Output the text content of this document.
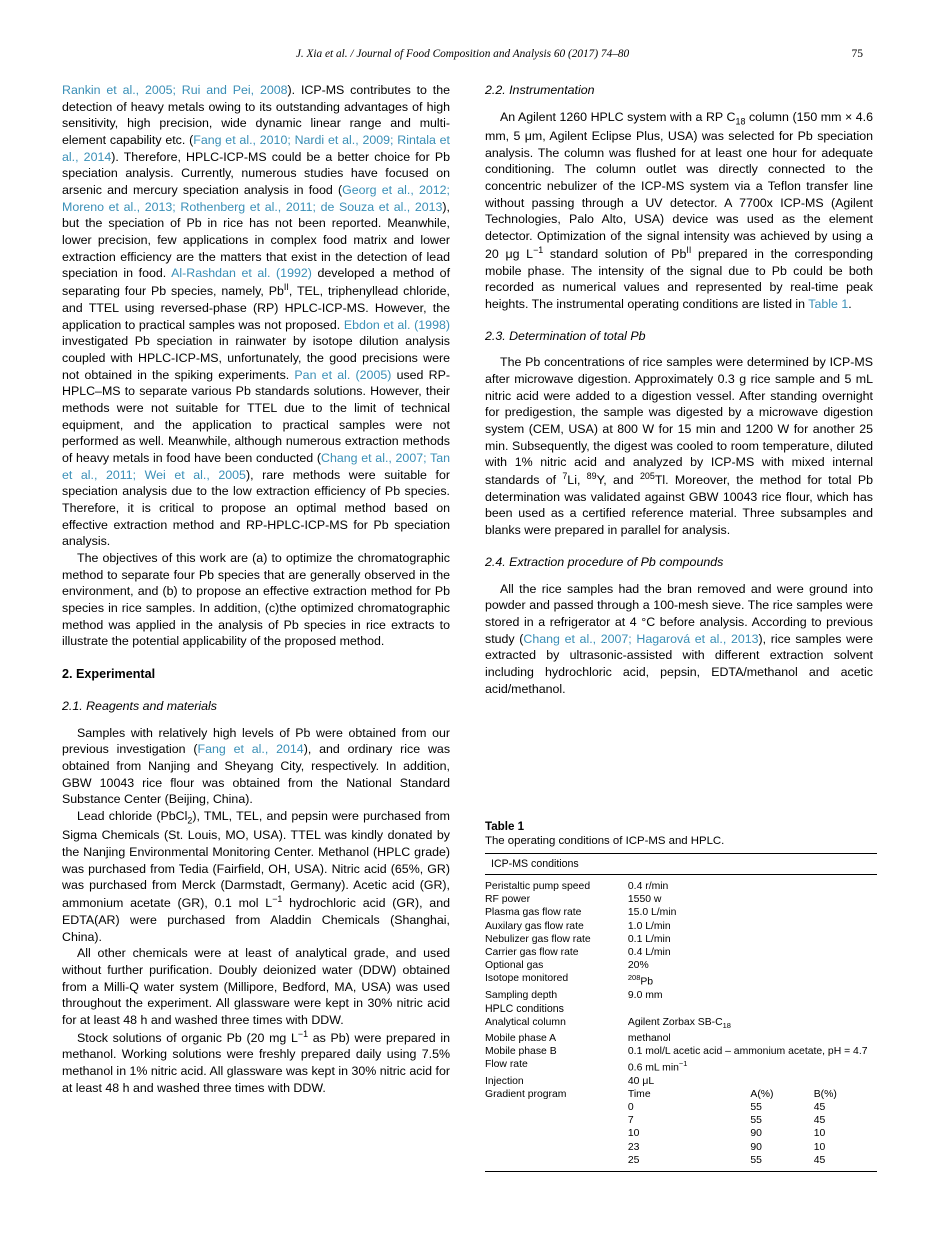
J. Xia et al. / Journal of Food Composition and Analysis 60 (2017) 74–80	75

Rankin et al., 2005; Rui and Pei, 2008). ICP-MS contributes to the detection of heavy metals owing to its outstanding advantages of high sensitivity, high precision, wide dynamic linear range and multi-element capability etc. (Fang et al., 2010; Nardi et al., 2009; Rintala et al., 2014). Therefore, HPLC-ICP-MS could be a better choice for Pb speciation analysis. Currently, numerous studies have focused on arsenic and mercury speciation analysis in food (Georg et al., 2012; Moreno et al., 2013; Rothenberg et al., 2011; de Souza et al., 2013), but the speciation of Pb in rice has not been reported. Meanwhile, lower precision, few applications in complex food matrix and lower extraction efficiency are the matters that exist in the detection of lead speciation in food. Al-Rashdan et al. (1992) developed a method of separating four Pb species, namely, $Pb^{II}$, TEL, triphenyllead chloride, and TTEL using reversed-phase (RP) HPLC-ICP-MS. However, the application to practical samples was not proposed. Ebdon et al. (1998) investigated Pb speciation in rainwater by isotope dilution analysis coupled with HPLC-ICP-MS, unfortunately, the good precisions were not obtained in the spiking experiments. Pan et al. (2005) used RP-HPLC–MS to separate various Pb standards solutions. However, their methods were not suitable for TTEL due to the limit of technical equipment, and the application to practical samples were not performed as well. Meanwhile, although numerous extraction methods of heavy metals in food have been conducted (Chang et al., 2007; Tan et al., 2011; Wei et al., 2005), rare methods were suitable for speciation analysis due to the low extraction efficiency of Pb species. Therefore, it is critical to propose an optimal method based on effective extraction method and RP-HPLC-ICP-MS for Pb speciation analysis.

The objectives of this work are (a) to optimize the chromatographic method to separate four Pb species that are generally observed in the environment, and (b) to propose an effective extraction method for Pb species in rice samples. In addition, (c)the optimized chromatographic method was applied in the analysis of Pb species in rice extracts to illustrate the potential applicability of the proposed method.

2. Experimental
2.1. Reagents and materials

Samples with relatively high levels of Pb were obtained from our previous investigation (Fang et al., 2014), and ordinary rice was obtained from Nanjing and Sheyang City, respectively. In addition, GBW 10043 rice flour was obtained from the National Standard Substance Center (Beijing, China).

Lead chloride (PbCl$_2$), TML, TEL, and pepsin were purchased from Sigma Chemicals (St. Louis, MO, USA). TTEL was kindly donated by the Nanjing Environmental Monitoring Center. Methanol (HPLC grade) was purchased from Tedia (Fairfield, OH, USA). Nitric acid (65%, GR) was purchased from Merck (Darmstadt, Germany). Acetic acid (GR), ammonium acetate (GR), 0.1 mol $L^{-1}$ hydrochloric acid (GR), and EDTA(AR) were purchased from Aladdin Chemicals (Shanghai, China).

All other chemicals were at least of analytical grade, and used without further purification. Doubly deionized water (DDW) obtained from a Milli-Q water system (Millipore, Bedford, MA, USA) was used throughout the experiment. All glassware were kept in 30% nitric acid for at least 48 h and washed three times with DDW.

Stock solutions of organic Pb (20 mg $L^{-1}$ as Pb) were prepared in methanol. Working solutions were freshly prepared daily using 7.5% methanol in 1% nitric acid. All glassware was kept in 30% nitric acid for at least 48 h and washed three times with DDW.

2.2. Instrumentation

An Agilent 1260 HPLC system with a RP $C_{18}$ column (150 mm × 4.6 mm, 5 μm, Agilent Eclipse Plus, USA) was selected for Pb speciation analysis. The column was flushed for at least one hour for adequate conditioning. The column outlet was directly connected to the concentric nebulizer of the ICP-MS system via a Teflon transfer line without passing through a UV detector. A 7700x ICP-MS (Agilent Technologies, Palo Alto, USA) device was used as the element detector. Optimization of the signal intensity was achieved by using a 20 μg $L^{-1}$ standard solution of $Pb^{II}$ prepared in the corresponding mobile phase. The intensity of the signal due to Pb could be both recorded as numerical values and represented by real-time peak heights. The instrumental operating conditions are listed in Table 1.

2.3. Determination of total Pb

The Pb concentrations of rice samples were determined by ICP-MS after microwave digestion. Approximately 0.3 g rice sample and 5 mL nitric acid were added to a digestion vessel. After standing overnight for predigestion, the sample was digested by a microwave digestion system (CEM, USA) at 800 W for 15 min and 1200 W for another 25 min. Subsequently, the digest was cooled to room temperature, diluted with 1% nitric acid and analyzed by ICP-MS with mixed internal standards of $^7$Li, $^{89}$Y, and $^{205}$Tl. Moreover, the method for total Pb determination was validated against GBW 10043 rice flour, which has been used as a certified reference material. Three subsamples and blanks were prepared in parallel for analysis.

2.4. Extraction procedure of Pb compounds

All the rice samples had the bran removed and were ground into powder and passed through a 100-mesh sieve. The rice samples were stored in a refrigerator at 4 °C before analysis. According to previous study (Chang et al., 2007; Hagarová et al., 2013), rice samples were extracted by ultrasonic-assisted with different extraction solvent including hydrochloric acid, pepsin, EDTA/methanol and acetic acid/methanol.

Table 1
The operating conditions of ICP-MS and HPLC.
ICP-MS conditions			
Peristaltic pump speed	0.4 r/min		
RF power	1550 w		
Plasma gas flow rate	15.0 L/min		
Auxilary gas flow rate	1.0 L/min		
Nebulizer gas flow rate	0.1 L/min		
Carrier gas flow rate	0.4 L/min		
Optional gas	20%		
Isotope monitored	$^{208}$Pb		
Sampling depth	9.0 mm		
HPLC conditions			
Analytical column	Agilent Zorbax $SB-C_{18}$
Mobile phase A	methanol		
Mobile phase B	0.1 mol/L acetic acid – ammonium acetate, pH = 4.7		
Flow rate	0.6 mL $\min^{-1}$
Injection	40 μL		
Gradient program	Time	A(%)	B(%)
	0	55	45
	7	55	45
	10	90	10
	23	90	10
	25	55	45
